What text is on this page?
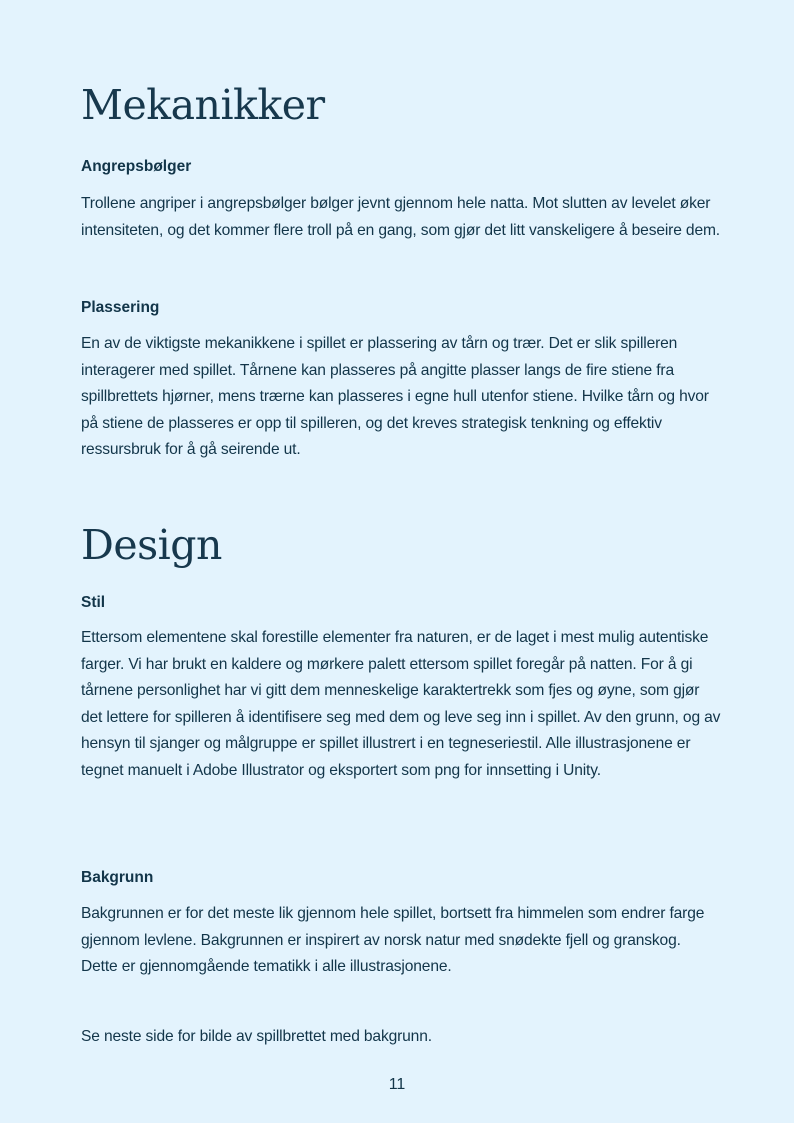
Mekanikker
Angrepsbølger

Trollene angriper i angrepsbølger bølger jevnt gjennom hele natta. Mot slutten av levelet øker intensiteten, og det kommer flere troll på en gang, som gjør det litt vanskeligere å beseire dem.

Plassering

En av de viktigste mekanikkene i spillet er plassering av tårn og trær. Det er slik spilleren interagerer med spillet. Tårnene kan plasseres på angitte plasser langs de fire stiene fra spillbrettets hjørner, mens trærne kan plasseres i egne hull utenfor stiene. Hvilke tårn og hvor på stiene de plasseres er opp til spilleren, og det kreves strategisk tenkning og effektiv ressursbruk for å gå seirende ut.

Design
Stil

Ettersom elementene skal forestille elementer fra naturen, er de laget i mest mulig autentiske farger. Vi har brukt en kaldere og mørkere palett ettersom spillet foregår på natten. For å gi tårnene personlighet har vi gitt dem menneskelige karaktertrekk som fjes og øyne, som gjør det lettere for spilleren å identifisere seg med dem og leve seg inn i spillet. Av den grunn, og av hensyn til sjanger og målgruppe er spillet illustrert i en tegneseriestil. Alle illustrasjonene er tegnet manuelt i Adobe Illustrator og eksportert som png for innsetting i Unity.

Bakgrunn

Bakgrunnen er for det meste lik gjennom hele spillet, bortsett fra himmelen som endrer farge gjennom levlene. Bakgrunnen er inspirert av norsk natur med snødekte fjell og granskog. Dette er gjennomgående tematikk i alle illustrasjonene.

Se neste side for bilde av spillbrettet med bakgrunn.

11
